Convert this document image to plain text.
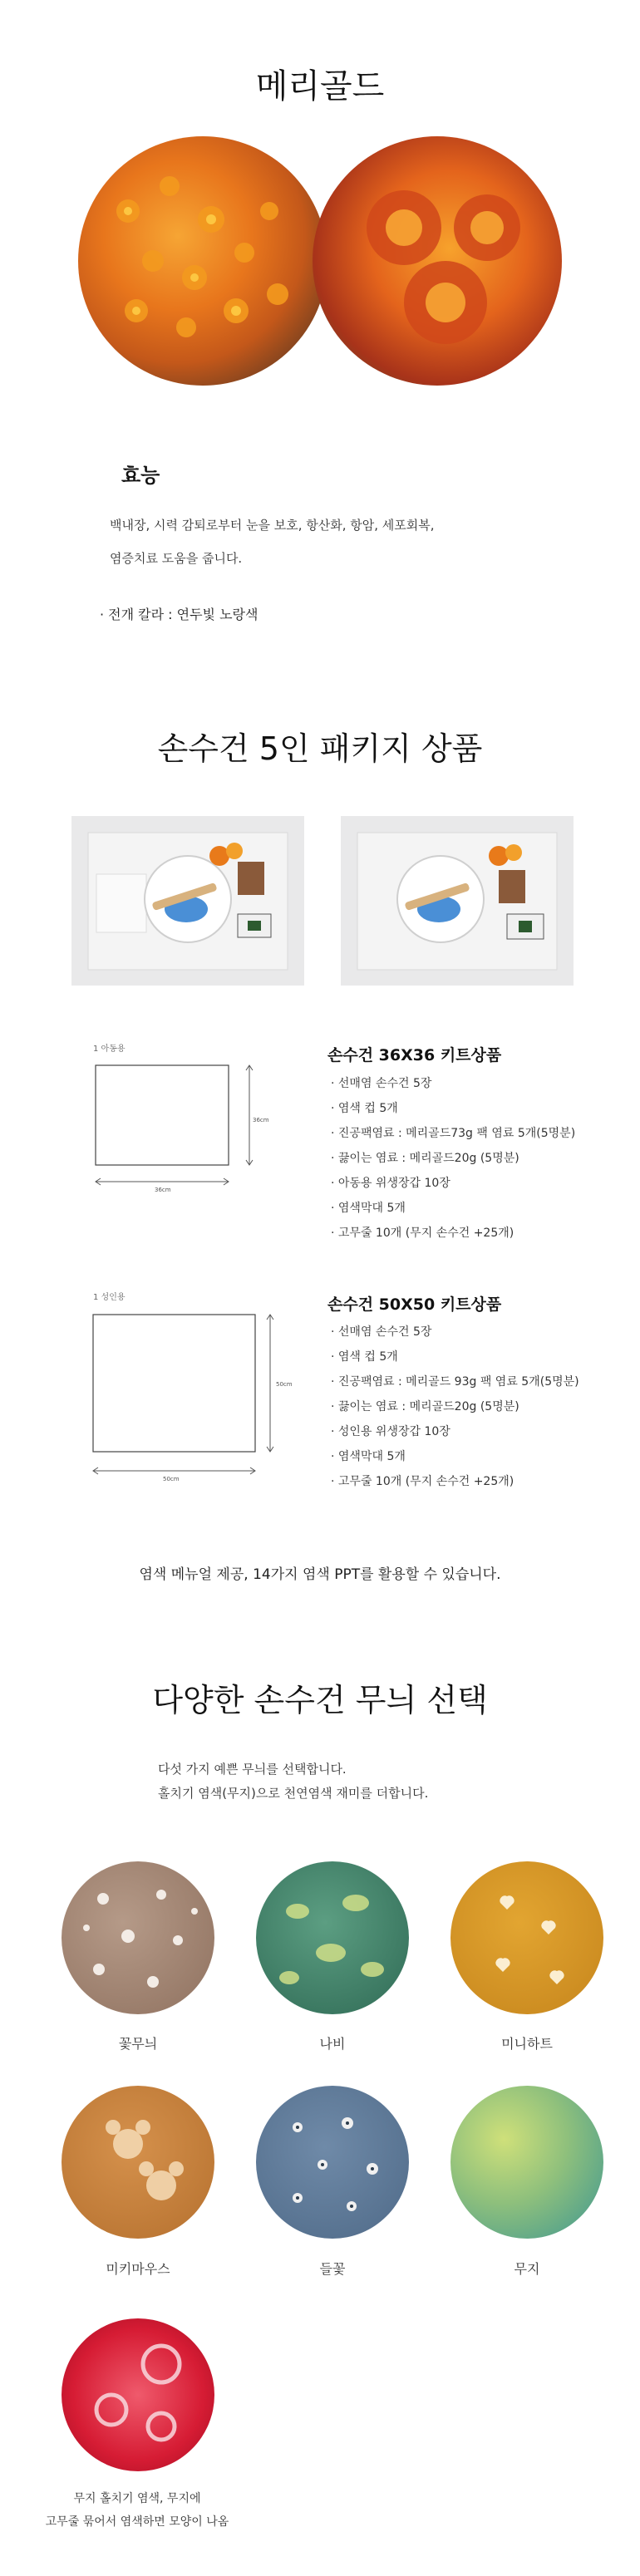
메리골드
효능
백내장, 시력 감퇴로부터 눈을 보호, 항산화, 항암, 세포회복,
염증치료 도움을 줍니다.
· 전개 칼라 : 연두빛 노랑색
손수건 5인 패키지 상품
1 아동용
36cm
36cm
손수건 36X36 키트상품
· 선매염 손수건 5장
· 염색 컵 5개
· 진공팩염료 : 메리골드73g 팩 염료 5개(5명분)
· 끓이는 염료 : 메리골드20g (5명분)
· 아동용 위생장갑 10장
· 염색막대 5개
· 고무줄 10개 (무지 손수건 +25개)
1 성인용
50cm
50cm
손수건 50X50 키트상품
· 선매염 손수건 5장
· 염색 컵 5개
· 진공팩염료 : 메리골드 93g 팩 염료 5개(5명분)
· 끓이는 염료 : 메리골드20g (5명분)
· 성인용 위생장갑 10장
· 염색막대 5개
· 고무줄 10개 (무지 손수건 +25개)
염색 메뉴얼 제공, 14가지 염색 PPT를 활용할 수 있습니다.
다양한 손수건 무늬 선택
다섯 가지 예쁜 무늬를 선택합니다.
홀치기 염색(무지)으로 천연염색 재미를 더합니다.
꽃무늬	나비	미니하트
미키마우스	들꽃	무지
무지 홀치기 염색, 무지에
고무줄 묶어서 염색하면 모양이 나옴
